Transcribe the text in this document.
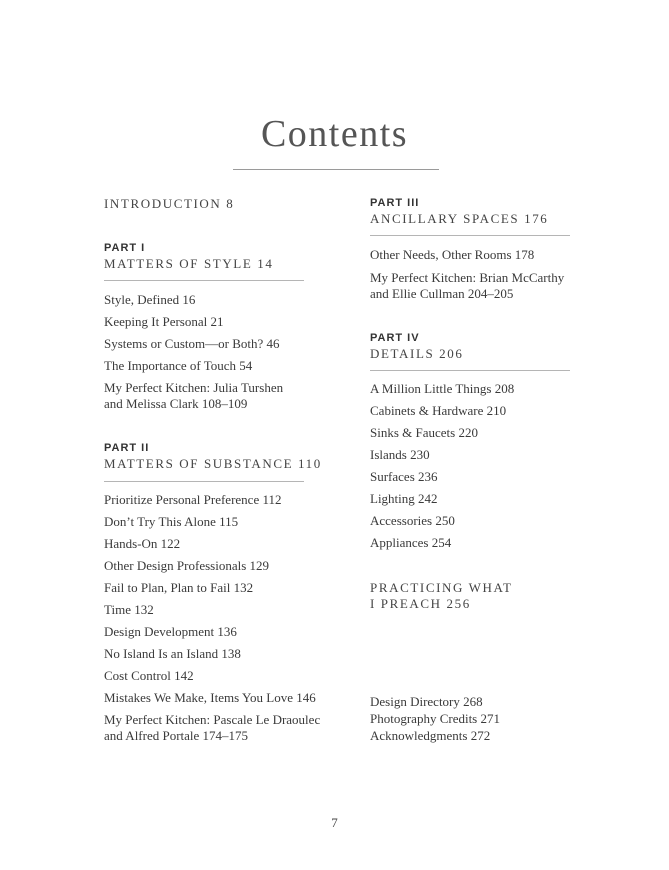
Contents
INTRODUCTION 8
PART I
MATTERS OF STYLE 14
Style, Defined 16
Keeping It Personal 21
Systems or Custom—or Both? 46
The Importance of Touch 54
My Perfect Kitchen: Julia Turshen
and Melissa Clark 108–109
PART II
MATTERS OF SUBSTANCE 110
Prioritize Personal Preference 112
Don’t Try This Alone 115
Hands-On 122
Other Design Professionals 129
Fail to Plan, Plan to Fail 132
Time 132
Design Development 136
No Island Is an Island 138
Cost Control 142
Mistakes We Make, Items You Love 146
My Perfect Kitchen: Pascale Le Draoulec
and Alfred Portale 174–175
PART III
ANCILLARY SPACES 176
Other Needs, Other Rooms 178
My Perfect Kitchen: Brian McCarthy
and Ellie Cullman 204–205
PART IV
DETAILS 206
A Million Little Things 208
Cabinets & Hardware 210
Sinks & Faucets 220
Islands 230
Surfaces 236
Lighting 242
Accessories 250
Appliances 254
PRACTICING WHAT
I PREACH 256
Design Directory 268
Photography Credits 271
Acknowledgments 272
7
